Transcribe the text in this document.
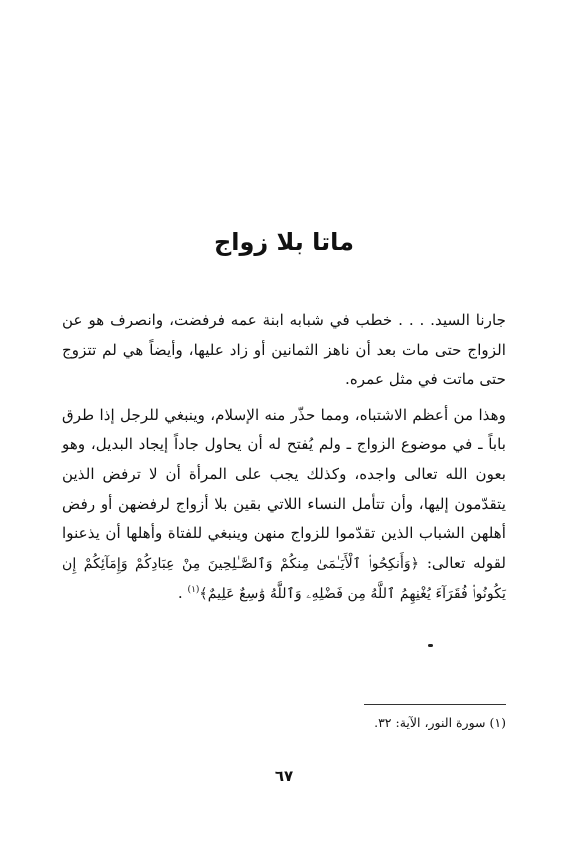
ماتا بلا زواج

جارنا السيد. . . . خطب في شبابه ابنة عمه فرفضت، وانصرف هو عن الزواج حتى مات بعد أن ناهز الثمانين أو زاد عليها، وأيضاً هي لم تتزوج حتى ماتت في مثل عمره.

وهذا من أعظم الاشتباه، ومما حذّر منه الإسلام، وينبغي للرجل إذا طرق باباً ـ في موضوع الزواج ـ ولم يُفتح له أن يحاول جاداً إيجاد البديل، وهو بعون الله تعالى واجده، وكذلك يجب على المرأة أن لا ترفض الذين يتقدّمون إليها، وأن تتأمل النساء اللاتي بقين بلا أزواج لرفضهن أو رفض أهلهن الشباب الذين تقدّموا للزواج منهن وينبغي للفتاة وأهلها أن يذعنوا لقوله تعالى: ﴿وَأَنكِحُوا۟ ٱلْأَيَـٰمَىٰ مِنكُمْ وَٱلصَّـٰلِحِينَ مِنْ عِبَادِكُمْ وَإِمَآئِكُمْ إِن يَكُونُوا۟ فُقَرَآءَ يُغْنِهِمُ ٱللَّهُ مِن فَضْلِهِۦ وَٱللَّهُ وَٰسِعٌ عَلِيمٌ﴾$^{(١)}$ .

(١) سورة النور، الآية: ٣٢.

٦٧
